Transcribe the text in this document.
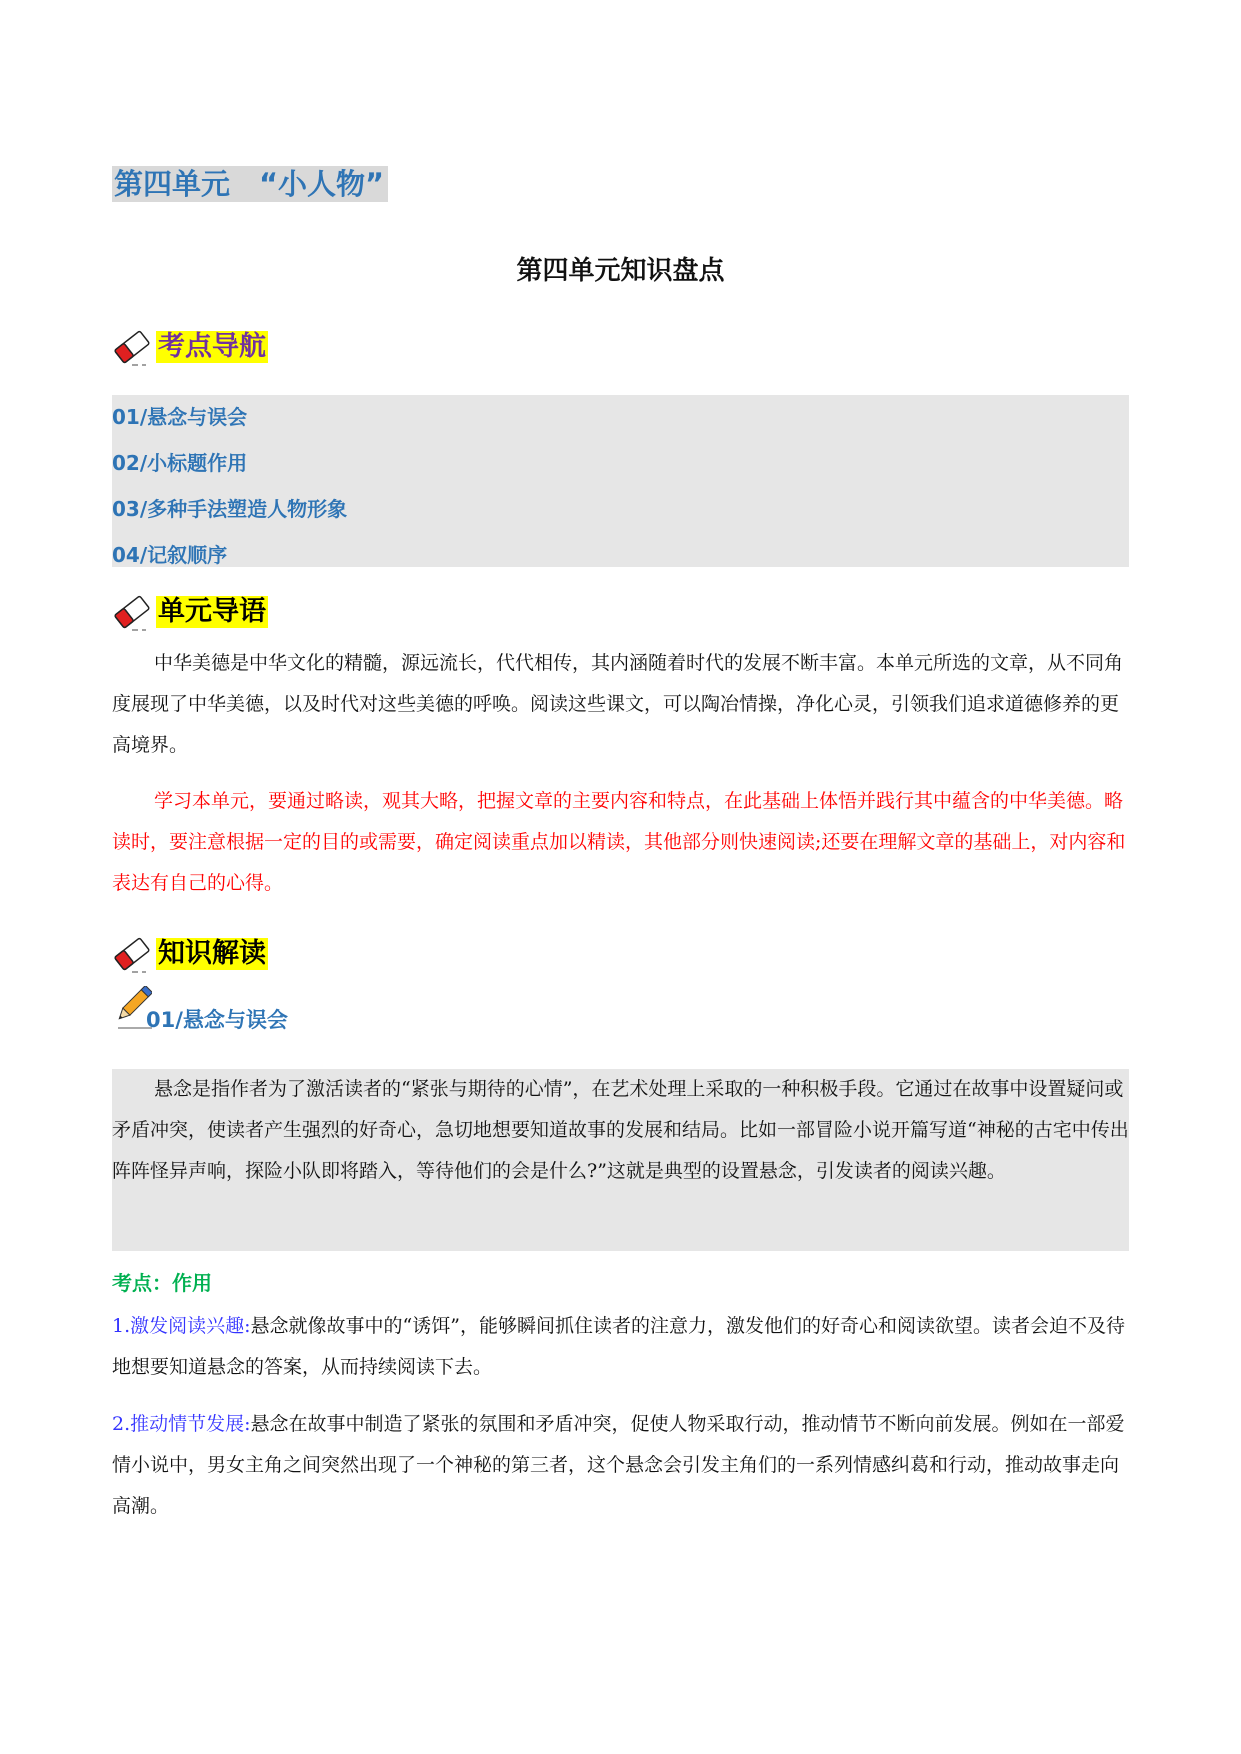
第四单元　“小人物”
第四单元知识盘点
考点导航
01/悬念与误会
02/小标题作用
03/多种手法塑造人物形象
04/记叙顺序
单元导语

中华美德是中华文化的精髓，源远流长，代代相传，其内涵随着时代的发展不断丰富。本单元所选的文章，从不同角度展现了中华美德，以及时代对这些美德的呼唤。阅读这些课文，可以陶冶情操，净化心灵，引领我们追求道德修养的更高境界。

学习本单元，要通过略读，观其大略，把握文章的主要内容和特点，在此基础上体悟并践行其中蕴含的中华美德。略读时，要注意根据一定的目的或需要，确定阅读重点加以精读，其他部分则快速阅读;还要在理解文章的基础上，对内容和表达有自己的心得。

知识解读
01/悬念与误会

悬念是指作者为了激活读者的“紧张与期待的心情”，在艺术处理上采取的一种积极手段。它通过在故事中设置疑问或矛盾冲突，使读者产生强烈的好奇心，急切地想要知道故事的发展和结局。比如一部冒险小说开篇写道“神秘的古宅中传出阵阵怪异声响，探险小队即将踏入，等待他们的会是什么?”这就是典型的设置悬念，引发读者的阅读兴趣。

考点：作用

1.激发阅读兴趣:悬念就像故事中的“诱饵”，能够瞬间抓住读者的注意力，激发他们的好奇心和阅读欲望。读者会迫不及待地想要知道悬念的答案，从而持续阅读下去。

2.推动情节发展:悬念在故事中制造了紧张的氛围和矛盾冲突，促使人物采取行动，推动情节不断向前发展。例如在一部爱情小说中，男女主角之间突然出现了一个神秘的第三者，这个悬念会引发主角们的一系列情感纠葛和行动，推动故事走向高潮。
